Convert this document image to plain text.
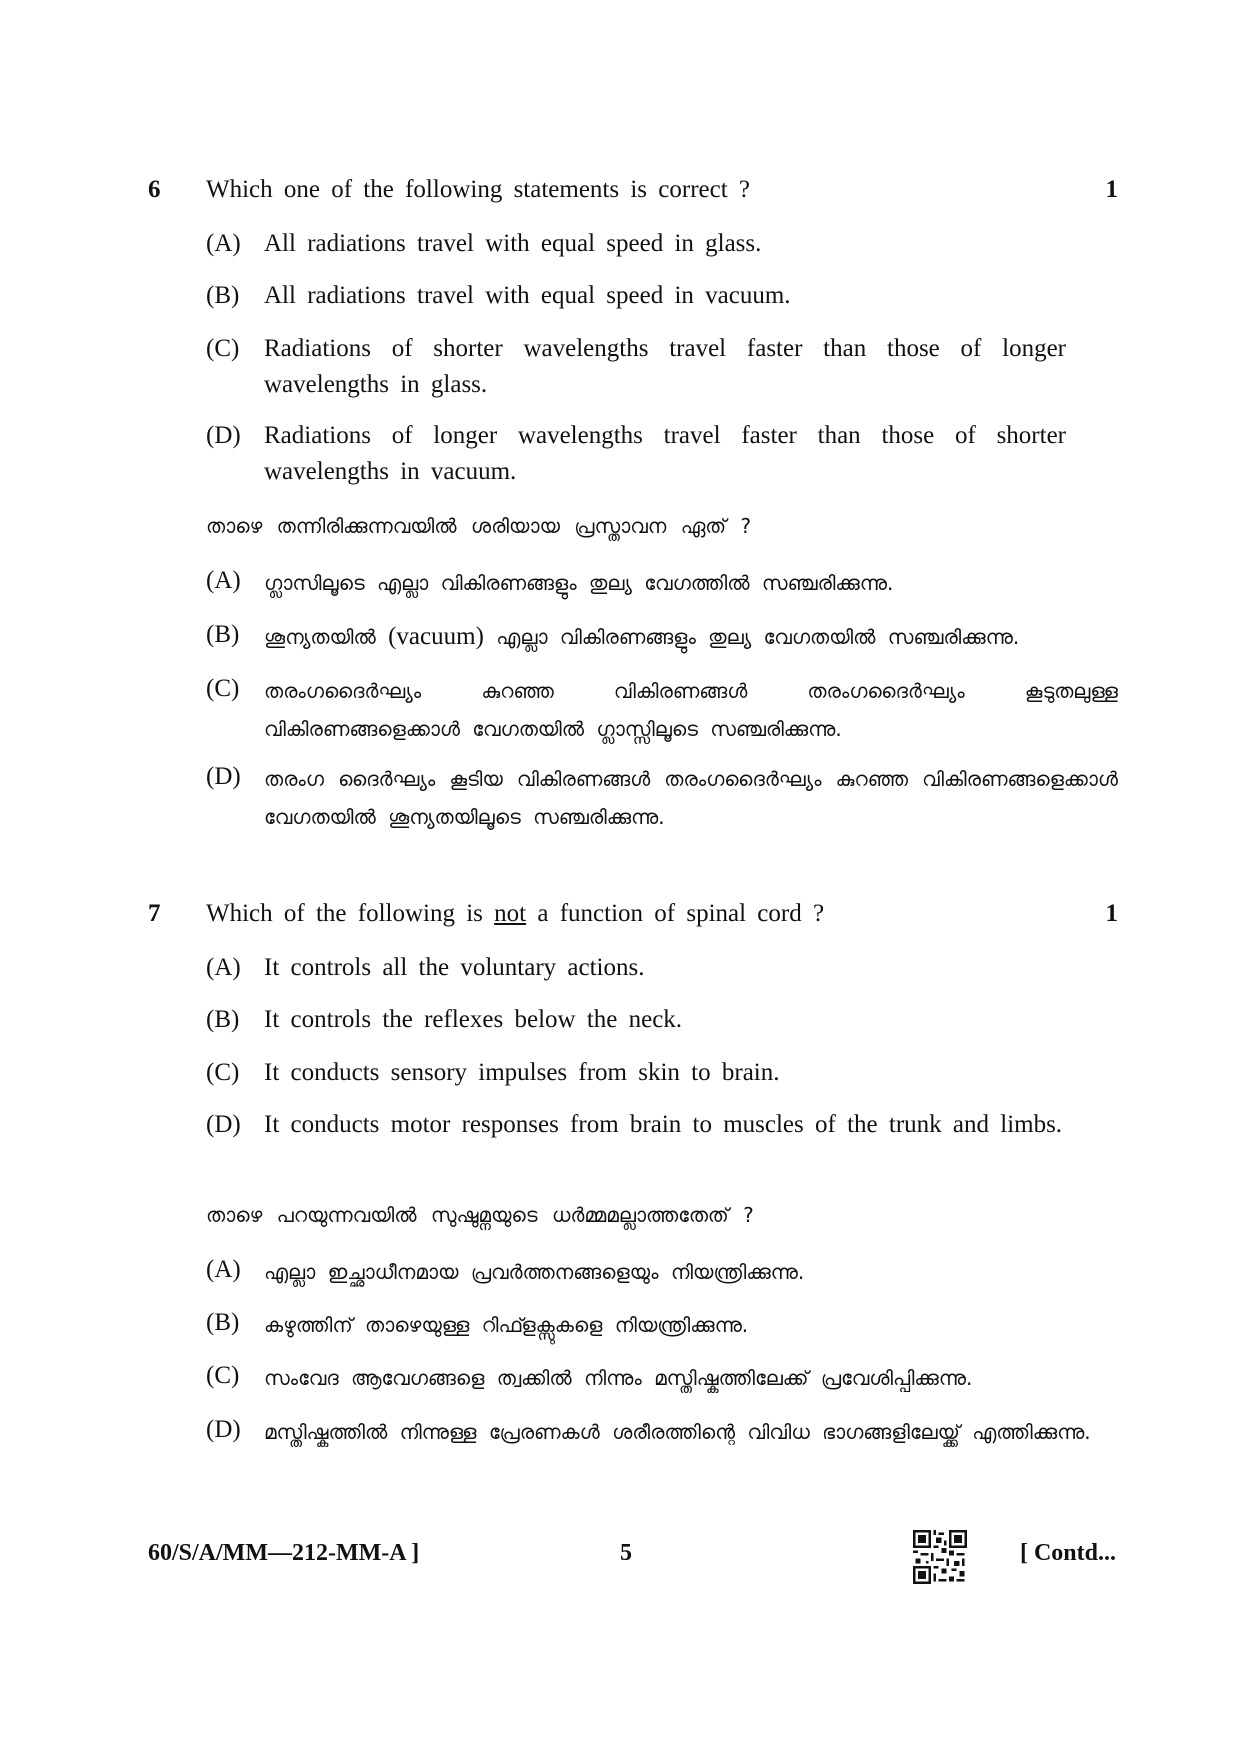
6 Which one of the following statements is correct ?	1
(A) All radiations travel with equal speed in glass.
(B) All radiations travel with equal speed in vacuum.
(C) Radiations of shorter wavelengths travel faster than those of longer wavelengths in glass.
(D) Radiations of longer wavelengths travel faster than those of shorter wavelengths in vacuum.
താഴെ തന്നിരിക്കുന്നവയിൽ ശരിയായ പ്രസ്താവന ഏത് ?
(A) ഗ്ലാസിലൂടെ എല്ലാ വികിരണങ്ങളും തുല്യ വേഗത്തിൽ സഞ്ചരിക്കുന്നു.
(B) ശൂന്യതയിൽ (vacuum) എല്ലാ വികിരണങ്ങളും തുല്യ വേഗതയിൽ സഞ്ചരിക്കുന്നു.
(C) തരംഗദൈർഘ്യം കുറഞ്ഞ വികിരണങ്ങൾ തരംഗദൈർഘ്യം കൂടുതലുള്ള വികിരണങ്ങളെക്കാൾ വേഗതയിൽ ഗ്ലാസ്സിലൂടെ സഞ്ചരിക്കുന്നു.
(D) തരംഗ ദൈർഘ്യം കൂടിയ വികിരണങ്ങൾ തരംഗദൈർഘ്യം കുറഞ്ഞ വികിരണങ്ങളെക്കാൾ വേഗതയിൽ ശൂന്യതയിലൂടെ സഞ്ചരിക്കുന്നു.
7 Which of the following is not a function of spinal cord ?	1
(A) It controls all the voluntary actions.
(B) It controls the reflexes below the neck.
(C) It conducts sensory impulses from skin to brain.
(D) It conducts motor responses from brain to muscles of the trunk and limbs.
താഴെ പറയുന്നവയിൽ സുഷുമ്നയുടെ ധർമ്മമല്ലാത്തതേത് ?
(A) എല്ലാ ഇച്ഛാധീനമായ പ്രവർത്തനങ്ങളെയും നിയന്ത്രിക്കുന്നു.
(B) കഴുത്തിന് താഴെയുള്ള റിഫ്ളക്സുകളെ നിയന്ത്രിക്കുന്നു.
(C) സംവേദ ആവേഗങ്ങളെ ത്വക്കിൽ നിന്നും മസ്തിഷ്കത്തിലേക്ക് പ്രവേശിപ്പിക്കുന്നു.
(D) മസ്തിഷ്കത്തിൽ നിന്നുള്ള പ്രേരണകൾ ശരീരത്തിന്റെ വിവിധ ഭാഗങ്ങളിലേയ്ക്ക് എത്തിക്കുന്നു.
60/S/A/MM—212-MM-A ]	5	[ Contd...
